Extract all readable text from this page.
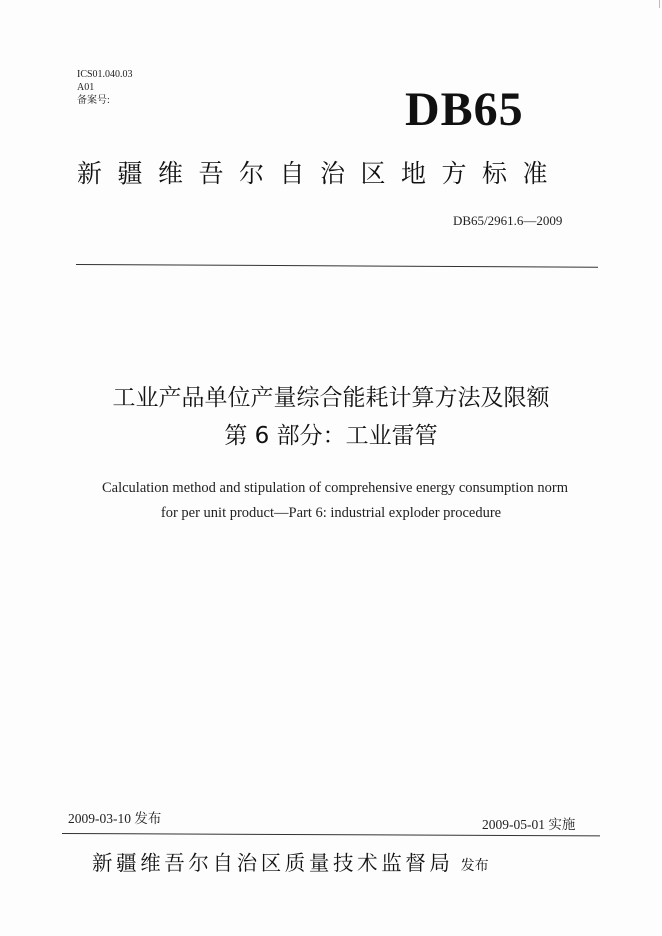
ICS01.040.03
A01
备案号:	DB65
新疆维吾尔自治区地方标准
DB65/2961.6—2009
工业产品单位产量综合能耗计算方法及限额
第 6 部分：工业雷管
Calculation method and stipulation of comprehensive energy consumption norm
for per unit product—Part 6: industrial exploder procedure
2009-03-10 发布	2009-05-01 实施
新疆维吾尔自治区质量技术监督局 发布
